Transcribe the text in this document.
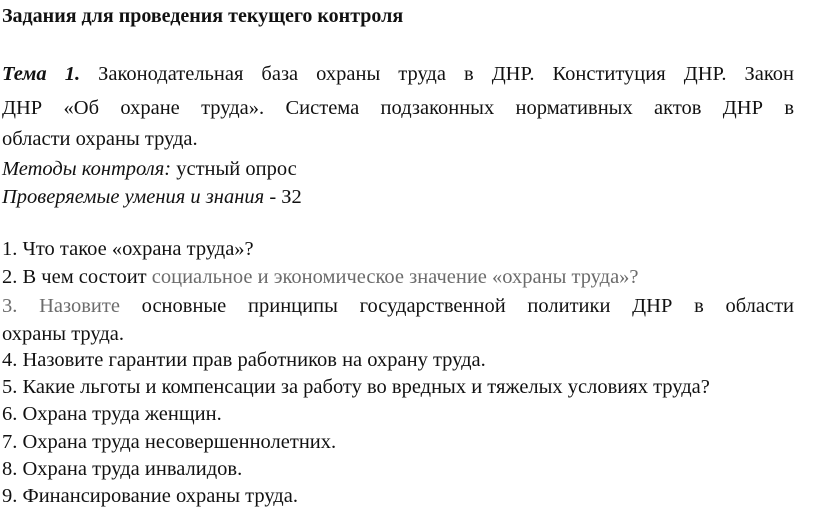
Задания для проведения текущего контроля
Тема 1. Законодательная база охраны труда в ДНР. Конституция ДНР. Закон
ДНР «Об охране труда». Система подзаконных нормативных актов ДНР в
области охраны труда.
Методы контроля: устный опрос
Проверяемые умения и знания - З2
1. Что такое «охрана труда»?
2. В чем состоит социальное и экономическое значение «охраны труда»?
3. Назовите основные принципы государственной политики ДНР в области
охраны труда.
4. Назовите гарантии прав работников на охрану труда.
5. Какие льготы и компенсации за работу во вредных и тяжелых условиях труда?
6. Охрана труда женщин.
7. Охрана труда несовершеннолетних.
8. Охрана труда инвалидов.
9. Финансирование охраны труда.
